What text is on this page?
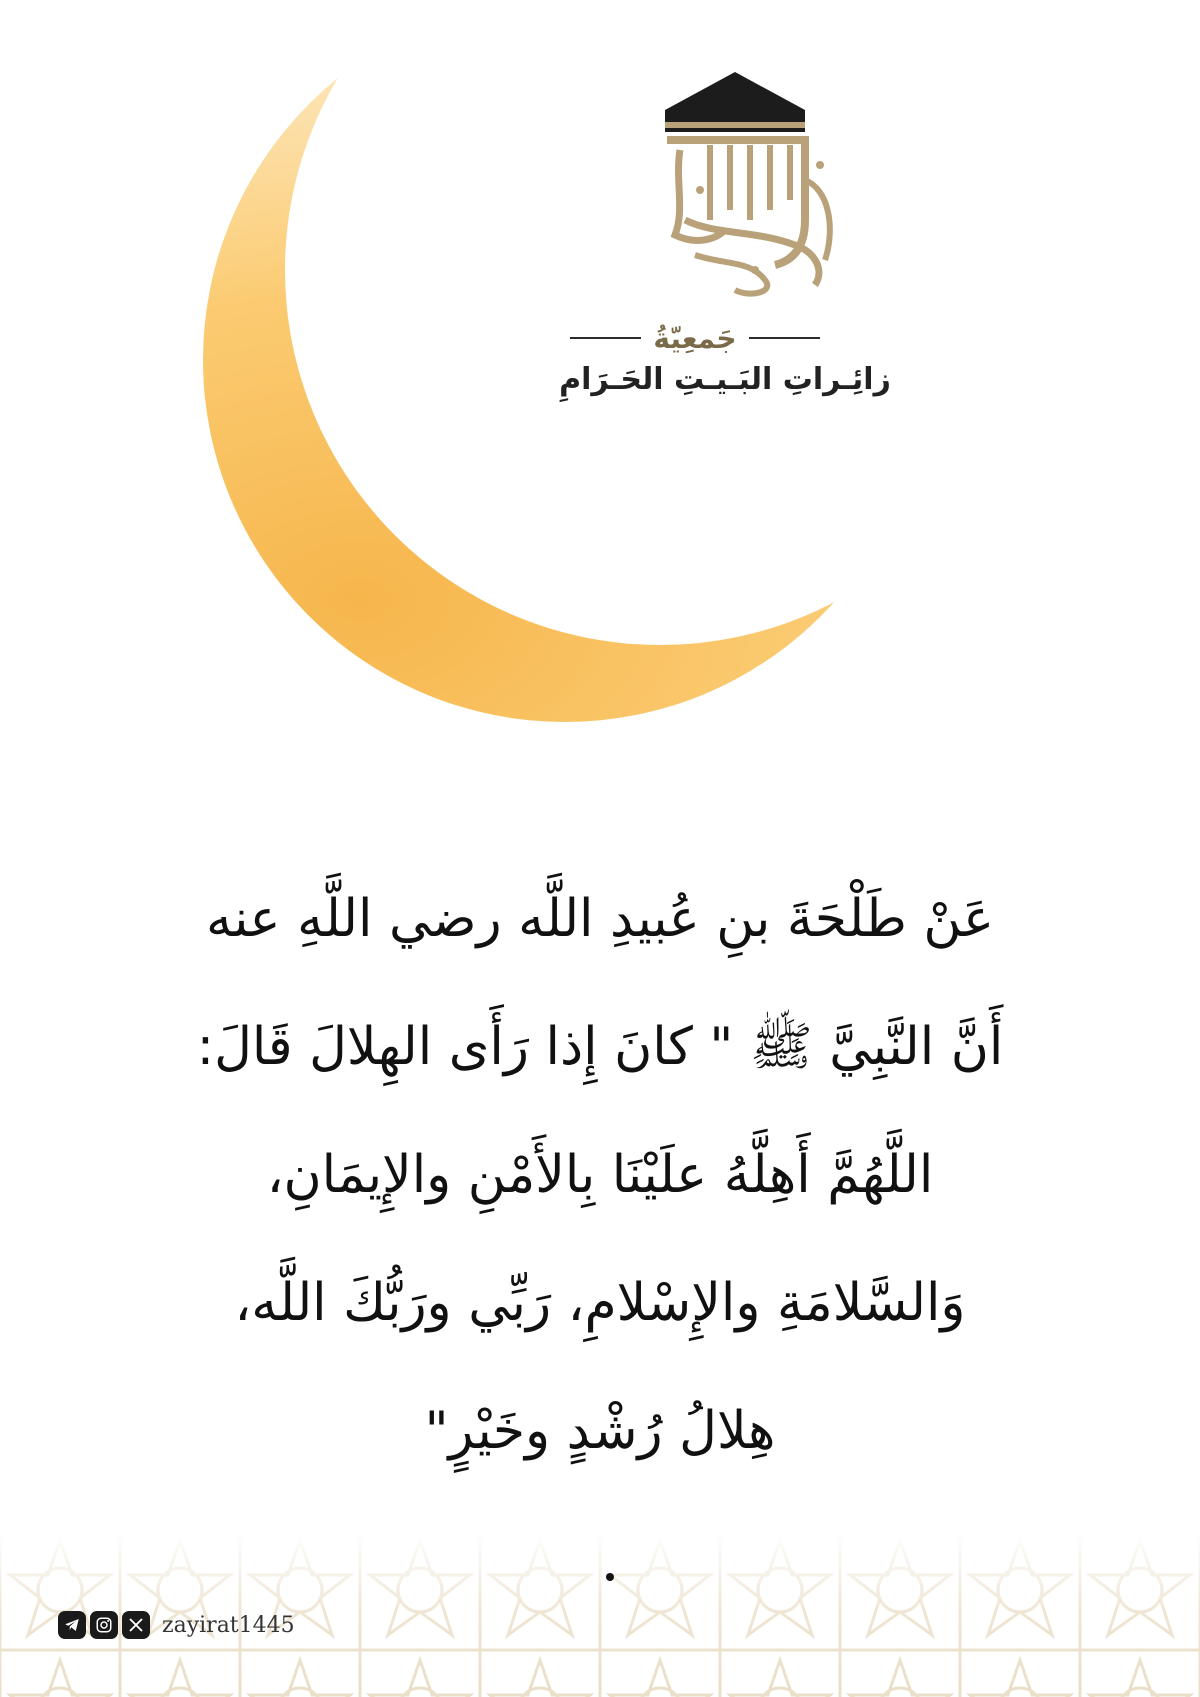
جَمعِيّةُ
زائِـراتِ البَـيـتِ الحَـرَامِ
عَنْ طَلْحَةَ بنِ عُبيدِ اللَّه رضي اللَّهِ عنه
أَنَّ النَّبِيَّ ﷺ " كانَ إِذا رَأَى الهِلالَ قَالَ:
اللَّهُمَّ أَهِلَّهُ علَيْنَا بِالأَمْنِ والإِيمَانِ،
وَالسَّلامَةِ والإِسْلامِ، رَبِّي ورَبُّكَ اللَّه،
هِلالُ رُشْدٍ وخَيْرٍ"
zayirat1445
